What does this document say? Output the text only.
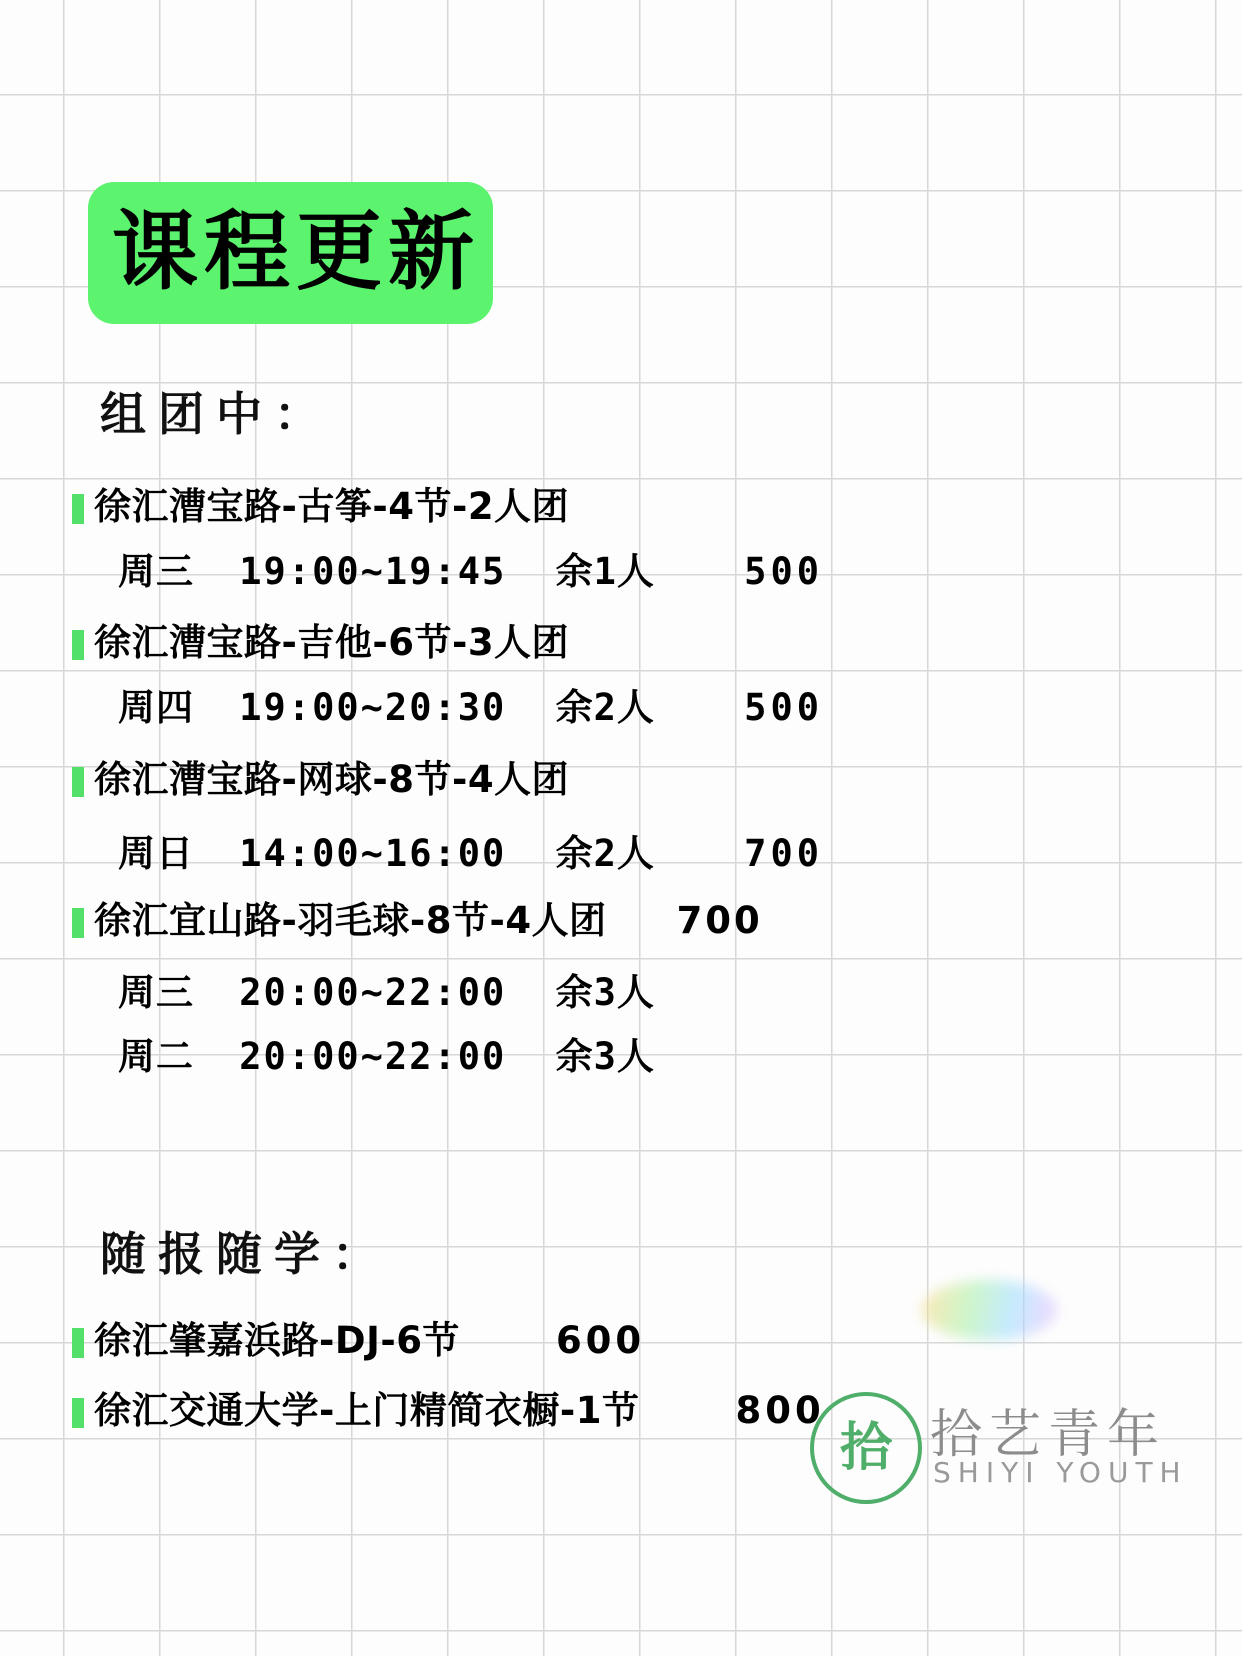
课程更新
组团中：
徐汇漕宝路-古筝-4节-2人团
周三 19:00~19:45 余1人 500
徐汇漕宝路-吉他-6节-3人团
周四 19:00~20:30 余2人 500
徐汇漕宝路-网球-8节-4人团
周日 14:00~16:00 余2人 700
徐汇宜山路-羽毛球-8节-4人团 700
周三 20:00~22:00 余3人
周二 20:00~22:00 余3人
随报随学：
徐汇肇嘉浜路-DJ-6节	600
徐汇交通大学-上门精简衣橱-1节	800
拾 拾艺青年
SHIYI YOUTH
